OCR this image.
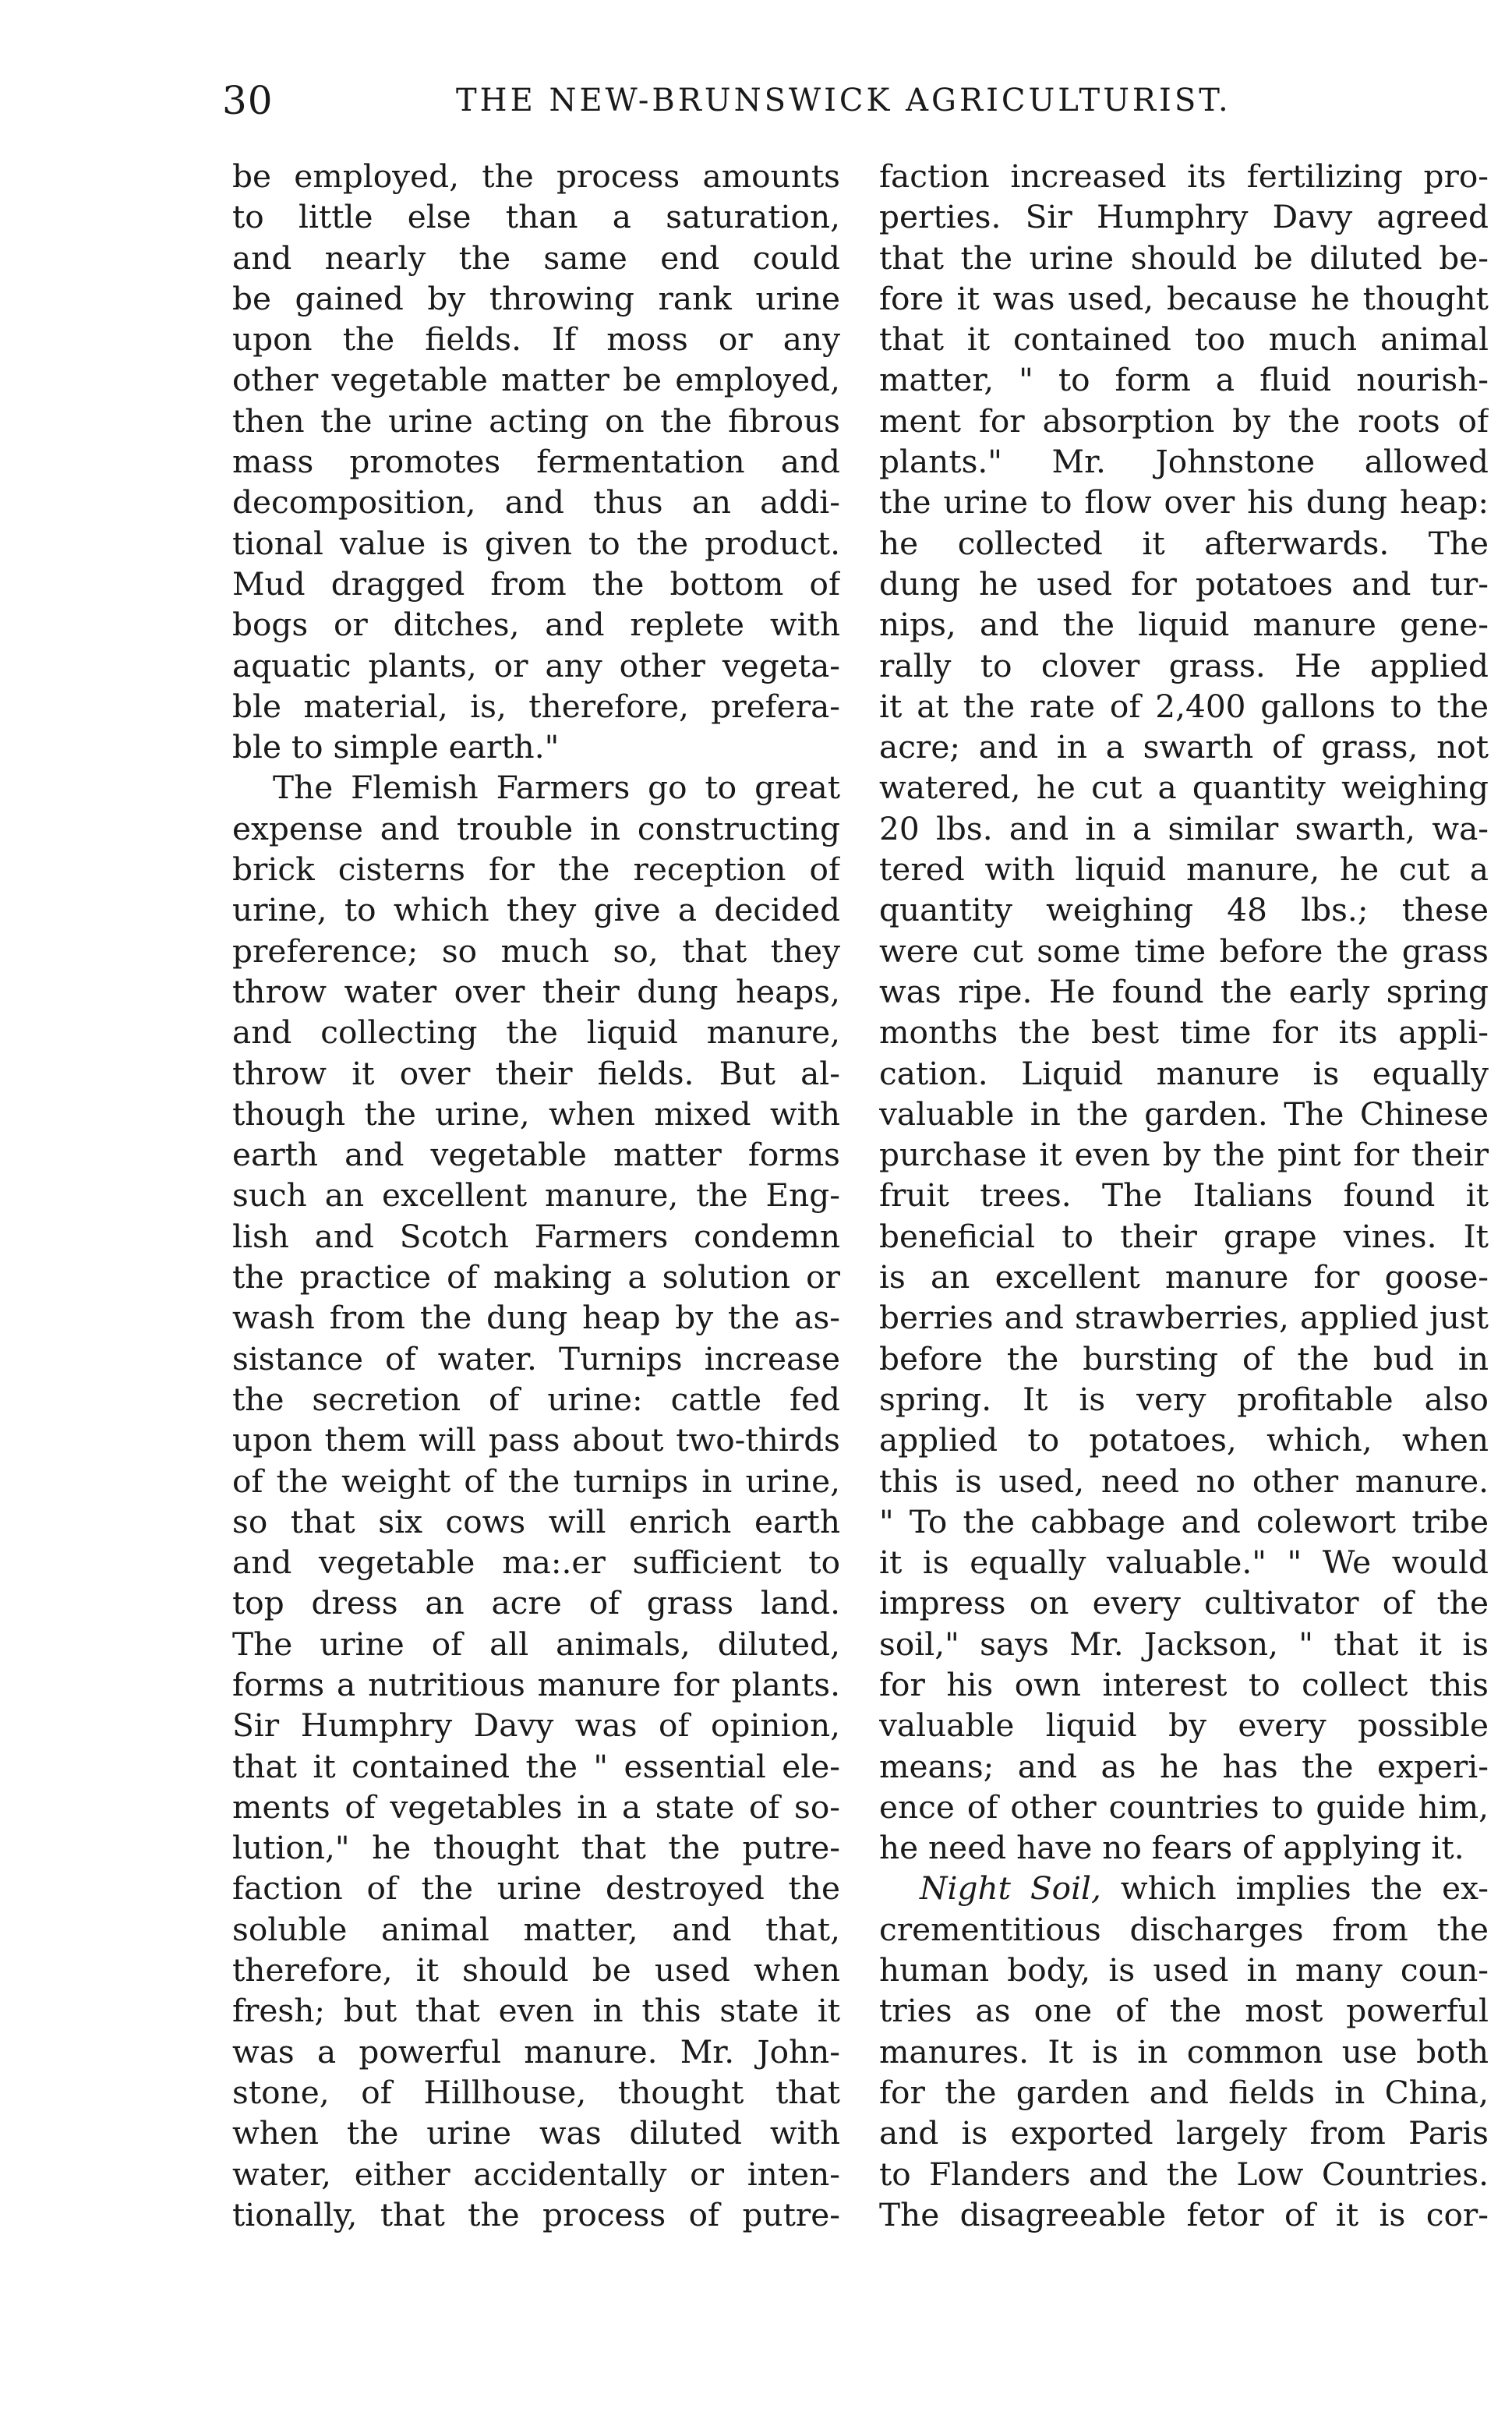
30	THE NEW-BRUNSWICK AGRICULTURIST.
be employed, the process amounts
to little else than a saturation,
and nearly the same end could
be gained by throwing rank urine
upon the fields. If moss or any
other vegetable matter be employed,
then the urine acting on the fibrous
mass promotes fermentation and
decomposition, and thus an addi-
tional value is given to the product.
Mud dragged from the bottom of
bogs or ditches, and replete with
aquatic plants, or any other vegeta-
ble material, is, therefore, prefera-
ble to simple earth."
The Flemish Farmers go to great
expense and trouble in constructing
brick cisterns for the reception of
urine, to which they give a decided
preference; so much so, that they
throw water over their dung heaps,
and collecting the liquid manure,
throw it over their fields. But al-
though the urine, when mixed with
earth and vegetable matter forms
such an excellent manure, the Eng-
lish and Scotch Farmers condemn
the practice of making a solution or
wash from the dung heap by the as-
sistance of water. Turnips increase
the secretion of urine: cattle fed
upon them will pass about two-thirds
of the weight of the turnips in urine,
so that six cows will enrich earth
and vegetable ma:.er sufficient to
top dress an acre of grass land.
The urine of all animals, diluted,
forms a nutritious manure for plants.
Sir Humphry Davy was of opinion,
that it contained the " essential ele-
ments of vegetables in a state of so-
lution," he thought that the putre-
faction of the urine destroyed the
soluble animal matter, and that,
therefore, it should be used when
fresh; but that even in this state it
was a powerful manure. Mr. John-
stone, of Hillhouse, thought that
when the urine was diluted with
water, either accidentally or inten-
tionally, that the process of putre-
faction increased its fertilizing pro-
perties. Sir Humphry Davy agreed
that the urine should be diluted be-
fore it was used, because he thought
that it contained too much animal
matter, " to form a fluid nourish-
ment for absorption by the roots of
plants." Mr. Johnstone allowed
the urine to flow over his dung heap:
he collected it afterwards. The
dung he used for potatoes and tur-
nips, and the liquid manure gene-
rally to clover grass. He applied
it at the rate of 2,400 gallons to the
acre; and in a swarth of grass, not
watered, he cut a quantity weighing
20 lbs. and in a similar swarth, wa-
tered with liquid manure, he cut a
quantity weighing 48 lbs.; these
were cut some time before the grass
was ripe. He found the early spring
months the best time for its appli-
cation. Liquid manure is equally
valuable in the garden. The Chinese
purchase it even by the pint for their
fruit trees. The Italians found it
beneficial to their grape vines. It
is an excellent manure for goose-
berries and strawberries, applied just
before the bursting of the bud in
spring. It is very profitable also
applied to potatoes, which, when
this is used, need no other manure.
" To the cabbage and colewort tribe
it is equally valuable." " We would
impress on every cultivator of the
soil," says Mr. Jackson, " that it is
for his own interest to collect this
valuable liquid by every possible
means; and as he has the experi-
ence of other countries to guide him,
he need have no fears of applying it.
Night Soil, which implies the ex-
crementitious discharges from the
human body, is used in many coun-
tries as one of the most powerful
manures. It is in common use both
for the garden and fields in China,
and is exported largely from Paris
to Flanders and the Low Countries.
The disagreeable fetor of it is cor-
